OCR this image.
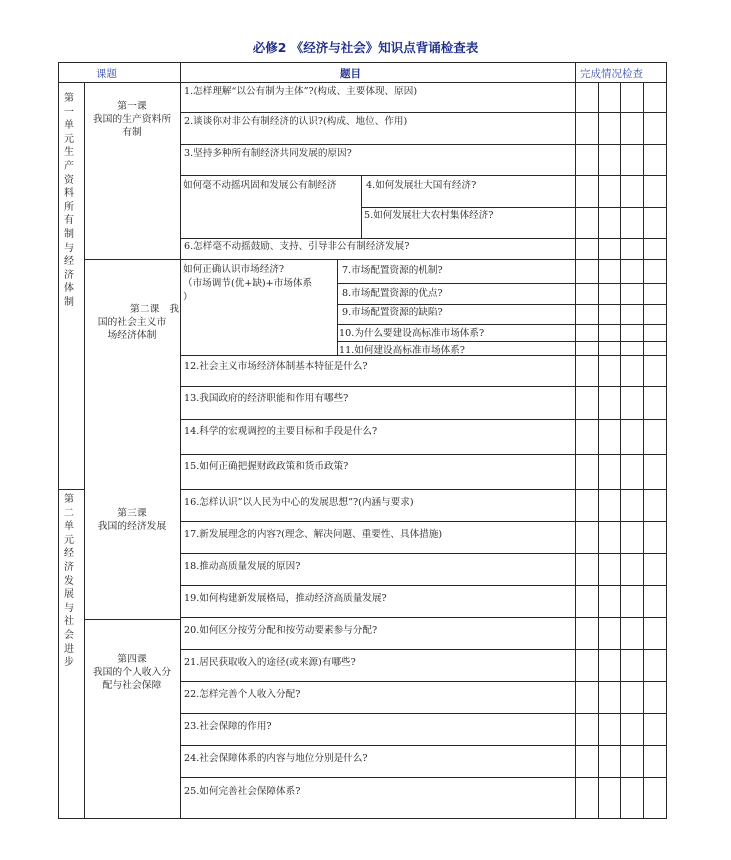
必修2 《经济与社会》知识点背诵检查表
课题	题目	完成情况检查
第一单元生产资料所有制与经济体制
第二单元经济发展与社会进步
第一课
我国的生产资料所有制
第二课　我
国的社会主义市场经济体制
第三课
我国的经济发展
第四课
我国的个人收入分配与社会保障
如何毫不动摇巩固和发展公有制经济
如何正确认识市场经济?
（市场调节(优+缺)+市场体系
）
1.怎样理解“以公有制为主体”?(构成、主要体现、原因)
2.谈谈你对非公有制经济的认识?(构成、地位、作用)
3.坚持多种所有制经济共同发展的原因?
4.如何发展壮大国有经济?
5.如何发展壮大农村集体经济?
6.怎样毫不动摇鼓励、支持、引导非公有制经济发展?
7.市场配置资源的机制?
8.市场配置资源的优点?
9.市场配置资源的缺陷?
10.为什么要建设高标准市场体系?
11.如何建设高标准市场体系?
12.社会主义市场经济体制基本特征是什么?
13.我国政府的经济职能和作用有哪些?
14.科学的宏观调控的主要目标和手段是什么?
15.如何正确把握财政政策和货币政策?
16.怎样认识”以人民为中心的发展思想”?(内涵与要求)
17.新发展理念的内容?(理念、解决问题、重要性、具体措施)
18.推动高质量发展的原因?
19.如何构建新发展格局，推动经济高质量发展?
20.如何区分按劳分配和按劳动要素参与分配?
21.居民获取收入的途径(或来源)有哪些?
22.怎样完善个人收入分配?
23.社会保障的作用?
24.社会保障体系的内容与地位分别是什么?
25.如何完善社会保障体系?
